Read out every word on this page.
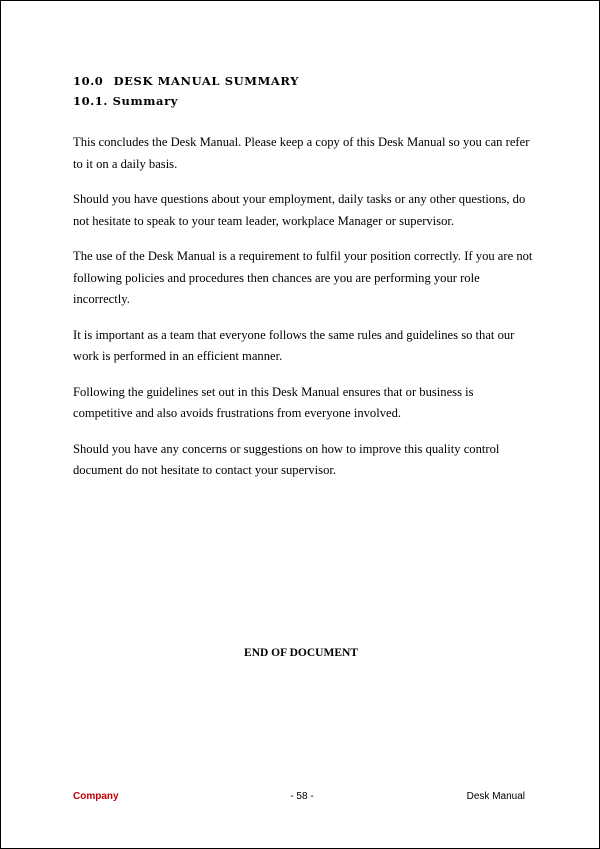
10.0 DESK MANUAL SUMMARY
10.1. Summary

This concludes the Desk Manual. Please keep a copy of this Desk Manual so you can refer to it on a daily basis.

Should you have questions about your employment, daily tasks or any other questions, do not hesitate to speak to your team leader, workplace Manager or supervisor.

The use of the Desk Manual is a requirement to fulfil your position correctly. If you are not following policies and procedures then chances are you are performing your role incorrectly.

It is important as a team that everyone follows the same rules and guidelines so that our work is performed in an efficient manner.

Following the guidelines set out in this Desk Manual ensures that or business is competitive and also avoids frustrations from everyone involved.

Should you have any concerns or suggestions on how to improve this quality control document do not hesitate to contact your supervisor.

END OF DOCUMENT
Company	- 58 -	Desk Manual
